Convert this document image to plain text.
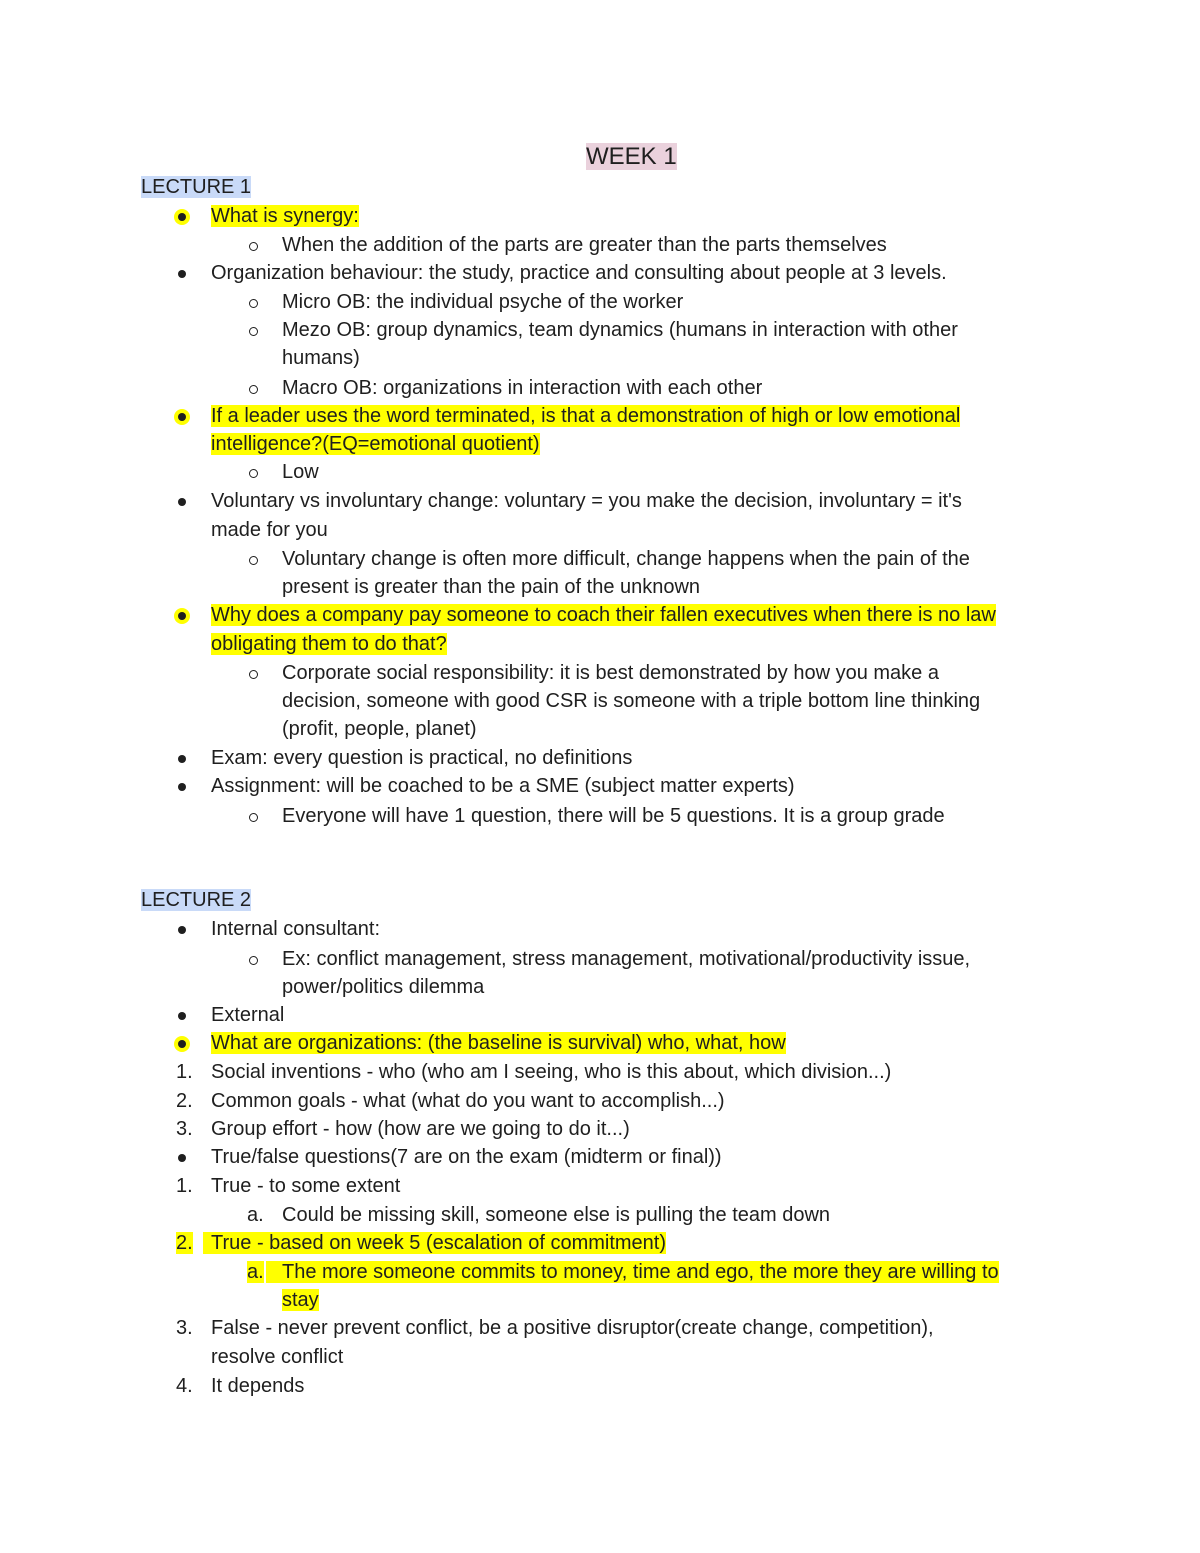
WEEK 1
LECTURE 1
What is synergy:
When the addition of the parts are greater than the parts themselves
Organization behaviour: the study, practice and consulting about people at 3 levels.
Micro OB: the individual psyche of the worker
Mezo OB: group dynamics, team dynamics (humans in interaction with other
humans)
Macro OB: organizations in interaction with each other
If a leader uses the word terminated, is that a demonstration of high or low emotional
intelligence?(EQ=emotional quotient)
Low
Voluntary vs involuntary change: voluntary = you make the decision, involuntary = it's
made for you
Voluntary change is often more difficult, change happens when the pain of the
present is greater than the pain of the unknown
Why does a company pay someone to coach their fallen executives when there is no law
obligating them to do that?
Corporate social responsibility: it is best demonstrated by how you make a
decision, someone with good CSR is someone with a triple bottom line thinking
(profit, people, planet)
Exam: every question is practical, no definitions
Assignment: will be coached to be a SME (subject matter experts)
Everyone will have 1 question, there will be 5 questions. It is a group grade
LECTURE 2
Internal consultant:
Ex: conflict management, stress management, motivational/productivity issue,
power/politics dilemma
External
What are organizations: (the baseline is survival) who, what, how
1. Social inventions - who (who am I seeing, who is this about, which division...)
2. Common goals - what (what do you want to accomplish...)
3. Group effort - how (how are we going to do it...)
True/false questions(7 are on the exam (midterm or final))
1. True - to some extent
a. Could be missing skill, someone else is pulling the team down
2. True - based on week 5 (escalation of commitment)
a. The more someone commits to money, time and ego, the more they are willing to
stay
3. False - never prevent conflict, be a positive disruptor(create change, competition),
resolve conflict
4. It depends
